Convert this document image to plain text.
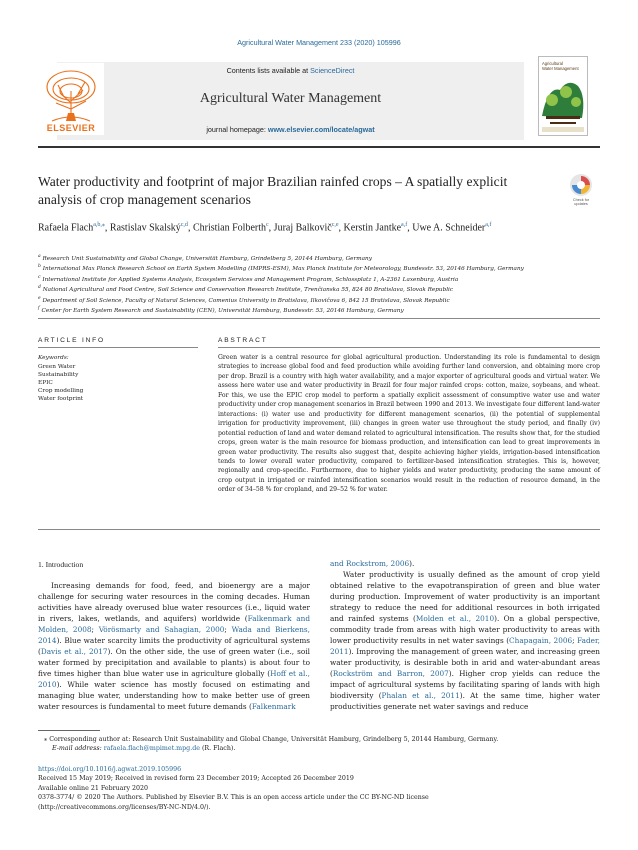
Agricultural Water Management 233 (2020) 105996
Contents lists available at ScienceDirect
Agricultural Water Management
journal homepage: www.elsevier.com/locate/agwat
ELSEVIER
Agricultural Water Management
Water productivity and footprint of major Brazilian rainfed crops – A spatially explicit analysis of crop management scenarios	Check for updates
Rafaela Flach$^{a,b,⁎}$, Rastislav Skalský$^{c,d}$, Christian Folberth$^c$, Juraj Balkovič$^{c,e}$, Kerstin Jantke$^{a,f}$, Uwe A. Schneider$^{a,f}$
$^a$ Research Unit Sustainability and Global Change, Universität Hamburg, Grindelberg 5, 20144 Hamburg, Germany
$^b$ International Max Planck Research School on Earth System Modelling (IMPRS-ESM), Max Planck Institute for Meteorology, Bundesstr. 53, 20146 Hamburg, Germany
$^c$ International Institute for Applied Systems Analysis, Ecosystem Services and Management Program, Schlossplatz 1, A-2361 Laxenburg, Austria
$^d$ National Agricultural and Food Centre, Soil Science and Conservation Research Institute, Trenčianska 55, 824 80 Bratislava, Slovak Republic
$^e$ Department of Soil Science, Faculty of Natural Sciences, Comenius University in Bratislava, Ilkovičova 6, 842 15 Bratislava, Slovak Republic
$^f$ Center for Earth System Research and Sustainability (CEN), Universität Hamburg, Bundesstr. 53, 20146 Hamburg, Germany
ARTICLE INFO
Keywords:
Green Water
Sustainability
EPIC
Crop modelling
Water footprint
ABSTRACT
Green water is a central resource for global agricultural production. Understanding its role is fundamental to design strategies to increase global food and feed production while avoiding further land conversion, and obtaining more crop per drop. Brazil is a country with high water availability, and a major exporter of agricultural goods and virtual water. We assess here water use and water productivity in Brazil for four major rainfed crops: cotton, maize, soybeans, and wheat. For this, we use the EPIC crop model to perform a spatially explicit assessment of consumptive water use and water productivity under crop management scenarios in Brazil between 1990 and 2013. We investigate four different land-water interactions: (i) water use and productivity for different management scenarios, (ii) the potential of supplemental irrigation for productivity improvement, (iii) changes in green water use throughout the study period, and finally (iv) potential reduction of land and water demand related to agricultural intensification. The results show that, for the studied crops, green water is the main resource for biomass production, and intensification can lead to great improvements in green water productivity. The results also suggest that, despite achieving higher yields, irrigation-based intensification tends to lower overall water productivity, compared to fertilizer-based intensification strategies. This is, however, regionally and crop-specific. Furthermore, due to higher yields and water productivity, producing the same amount of crop output in irrigated or rainfed intensification scenarios would result in the reduction of resource demand, in the order of 34–58 % for cropland, and 29–52 % for water.
1. Introduction
Increasing demands for food, feed, and bioenergy are a major challenge for securing water resources in the coming decades. Human activities have already overused blue water resources (i.e., liquid water in rivers, lakes, wetlands, and aquifers) worldwide (Falkenmark and Molden, 2008; Vörösmarty and Sahagian, 2000; Wada and Bierkens, 2014). Blue water scarcity limits the productivity of agricultural systems (Davis et al., 2017). On the other side, the use of green water (i.e., soil water formed by precipitation and available to plants) is about four to five times higher than blue water use in agriculture globally (Hoff et al., 2010). While water science has mostly focused on estimating and managing blue water, understanding how to make better use of green water resources is fundamental to meet future demands (Falkenmark
and Rockstrom, 2006).
Water productivity is usually defined as the amount of crop yield obtained relative to the evapotranspiration of green and blue water during production. Improvement of water productivity is an important strategy to reduce the need for additional resources in both irrigated and rainfed systems (Molden et al., 2010). On a global perspective, commodity trade from areas with high water productivity to areas with lower productivity results in net water savings (Chapagain, 2006; Fader, 2011). Improving the management of green water, and increasing green water productivity, is desirable both in arid and water-abundant areas (Rockström and Barron, 2007). Higher crop yields can reduce the impact of agricultural systems by facilitating sparing of lands with high biodiversity (Phalan et al., 2011). At the same time, higher water productivities generate net water savings and reduce
⁎ Corresponding author at: Research Unit Sustainability and Global Change, Universität Hamburg, Grindelberg 5, 20144 Hamburg, Germany.
E-mail address: rafaela.flach@mpimet.mpg.de (R. Flach).
https://doi.org/10.1016/j.agwat.2019.105996
Received 15 May 2019; Received in revised form 23 December 2019; Accepted 26 December 2019
Available online 21 February 2020
0378-3774/ © 2020 The Authors. Published by Elsevier B.V. This is an open access article under the CC BY-NC-ND license
(http://creativecommons.org/licenses/BY-NC-ND/4.0/).
